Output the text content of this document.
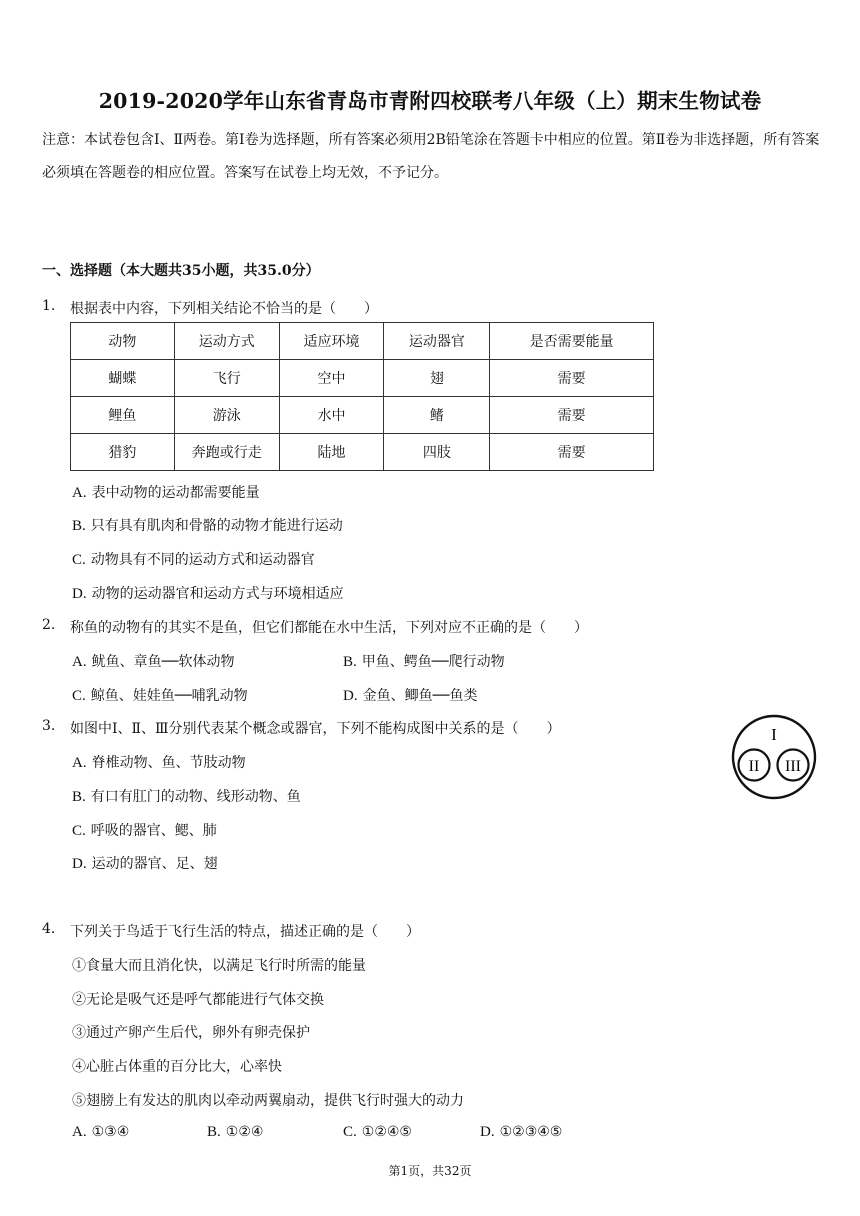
2019-2020学年山东省青岛市青附四校联考八年级（上）期末生物试卷
注意：本试卷包含Ⅰ、Ⅱ两卷。第Ⅰ卷为选择题，所有答案必须用2B铅笔涂在答题卡中相应的位置。第Ⅱ卷为非选择题，所有答案必须填在答题卷的相应位置。答案写在试卷上均无效，不予记分。
一、选择题（本大题共35小题，共35.0分）
1. 根据表中内容，下列相关结论不恰当的是（　　）
动物	运动方式	适应环境	运动器官	是否需要能量
蝴蝶	飞行	空中	翅	需要
鲤鱼	游泳	水中	鳍	需要
猎豹	奔跑或行走	陆地	四肢	需要
A. 表中动物的运动都需要能量
B. 只有具有肌肉和骨骼的动物才能进行运动
C. 动物具有不同的运动方式和运动器官
D. 动物的运动器官和运动方式与环境相适应
2. 称鱼的动物有的其实不是鱼，但它们都能在水中生活，下列对应不正确的是（　　）
A. 鱿鱼、章鱼──软体动物	B. 甲鱼、鳄鱼──爬行动物
C. 鲸鱼、娃娃鱼──哺乳动物	D. 金鱼、鲫鱼──鱼类
3. 如图中Ⅰ、Ⅱ、Ⅲ分别代表某个概念或器官，下列不能构成图中关系的是（　　）
A. 脊椎动物、鱼、节肢动物
B. 有口有肛门的动物、线形动物、鱼
C. 呼吸的器官、鳃、肺
D. 运动的器官、足、翅
I
II III
4. 下列关于鸟适于飞行生活的特点，描述正确的是（　　）
①食量大而且消化快，以满足飞行时所需的能量
②无论是吸气还是呼气都能进行气体交换
③通过产卵产生后代，卵外有卵壳保护
④心脏占体重的百分比大，心率快
⑤翅膀上有发达的肌肉以牵动两翼扇动，提供飞行时强大的动力
A. ①③④	B. ①②④	C. ①②④⑤	D. ①②③④⑤
第1页，共32页
